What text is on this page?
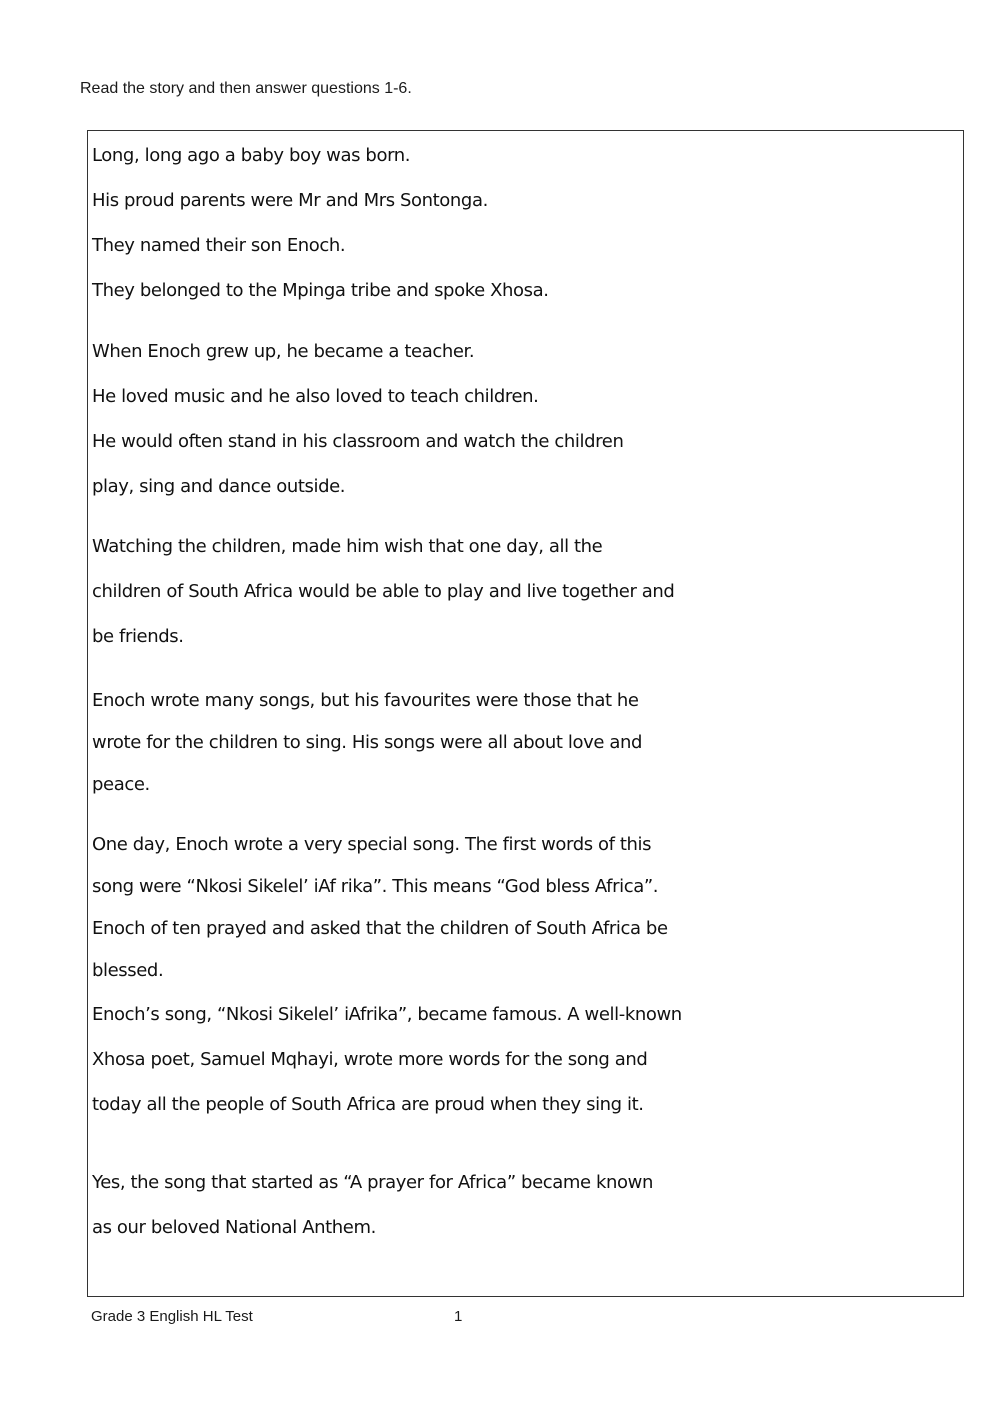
Read the story and then answer questions 1-6.

Long, long ago a baby boy was born.
His proud parents were Mr and Mrs Sontonga.
They named their son Enoch.
They belonged to the Mpinga tribe and spoke Xhosa.

When Enoch grew up, he became a teacher.
He loved music and he also loved to teach children.
He would often stand in his classroom and watch the children
play, sing and dance outside.

Watching the children, made him wish that one day, all the
children of South Africa would be able to play and live together and
be friends.

Enoch wrote many songs, but his favourites were those that he
wrote for the children to sing. His songs were all about love and
peace.

One day, Enoch wrote a very special song. The first words of this
song were “Nkosi Sikelel’ iAf rika”. This means “God bless Africa”.
Enoch of ten prayed and asked that the children of South Africa be
blessed.

Enoch’s song, “Nkosi Sikelel’ iAfrika”, became famous. A well-known
Xhosa poet, Samuel Mqhayi, wrote more words for the song and
today all the people of South Africa are proud when they sing it.

Yes, the song that started as “A prayer for Africa” became known
as our beloved National Anthem.

Grade 3 English HL Test	1
